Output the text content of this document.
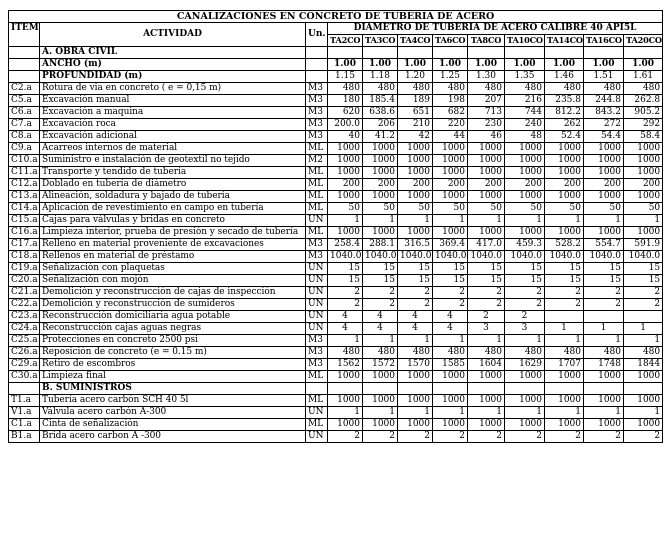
CANALIZACIONES EN CONCRETO DE TUBERIA DE ACERO											
ITEM	ACTIVIDAD	Un.	DIAMETRO DE TUBERIA DE ACERO CALIBRE 40 API5L								
			TA2CO	TA3CO	TA4CO	TA6CO	TA8CO	TA10CO	TA14CO	TA16CO	TA20CO
	A. OBRA CIVIL										
	ANCHO (m)		1.00	1.00	1.00	1.00	1.00	1.00	1.00	1.00	1.00
	PROFUNDIDAD (m)		1.15	1.18	1.20	1.25	1.30	1.35	1.46	1.51	1.61
C2.a	Rotura de via en concreto ( e = 0,15 m)	M3	480	480	480	480	480	480	480	480	480
C5.a	Excavación manual	M3	180	185.4	189	198	207	216	235.8	244.8	262.8
C6.a	Excavación a maquina	M3	620	638.6	651	682	713	744	812.2	843.2	905.2
C7.a	Excavación roca	M3	200.0	206	210	220	230	240	262	272	292
C8.a	Excavación adicional	M3	40	41.2	42	44	46	48	52.4	54.4	58.4
C9.a	Acarreos internos de material	ML	1000	1000	1000	1000	1000	1000	1000	1000	1000
C10.a	Suministro e instalación de geotextil no tejido	M2	1000	1000	1000	1000	1000	1000	1000	1000	1000
C11.a	Transporte y tendido de tubería	ML	1000	1000	1000	1000	1000	1000	1000	1000	1000
C12.a	Doblado en tubería de diámetro	ML	200	200	200	200	200	200	200	200	200
C13.a	Alineación, soldadura y bajado de tubería	ML	1000	1000	1000	1000	1000	1000	1000	1000	1000
C14.a	Aplicación de revestimiento en campo en tubería	ML	50	50	50	50	50	50	50	50	50
C15.a	Cajas para válvulas y bridas en concreto	UN	1	1	1	1	1	1	1	1	1
C16.a	Limpieza interior, prueba de presión y secado de tubería	ML	1000	1000	1000	1000	1000	1000	1000	1000	1000
C17.a	Relleno en material proveniente de excavaciones	M3	258.4	288.1	316.5	369.4	417.0	459.3	528.2	554.7	591.9
C18.a	Rellenos en material de préstamo	M3	1040.0	1040.0	1040.0	1040.0	1040.0	1040.0	1040.0	1040.0	1040.0
C19.a	Señalización con plaquetas	UN	15	15	15	15	15	15	15	15	15
C20.a	Señalización con mojón	UN	15	15	15	15	15	15	15	15	15
C21.a	Demolición y reconstrucción de cajas de inspección	UN	2	2	2	2	2	2	2	2	2
C22.a	Demolición y reconstrucción de sumideros	UN	2	2	2	2	2	2	2	2	2
C23.a	Reconstrucción domiciliaria agua potable	UN	4	4	4	4	2	2			
C24.a	Reconstrucción cajas aguas negras	UN	4	4	4	4	3	3	1	1	1
C25.a	Protecciones en concreto 2500 psi	M3	1	1	1	1	1	1	1	1	1
C26.a	Reposición de concreto (e = 0.15 m)	M3	480	480	480	480	480	480	480	480	480
C29.a	Retiro de escombros	M3	1562	1572	1570	1585	1604	1629	1707	1748	1844
C30.a	Limpieza final	ML	1000	1000	1000	1000	1000	1000	1000	1000	1000
	B. SUMINISTROS										
T1.a	Tubería acero carbón SCH 40 5l	ML	1000	1000	1000	1000	1000	1000	1000	1000	1000
V1.a	Válvula acero carbón A-300	UN	1	1	1	1	1	1	1	1	1
C1.a	Cinta de señalización	ML	1000	1000	1000	1000	1000	1000	1000	1000	1000
B1.a	Brida acero carbon A -300	UN	2	2	2	2	2	2	2	2	2
